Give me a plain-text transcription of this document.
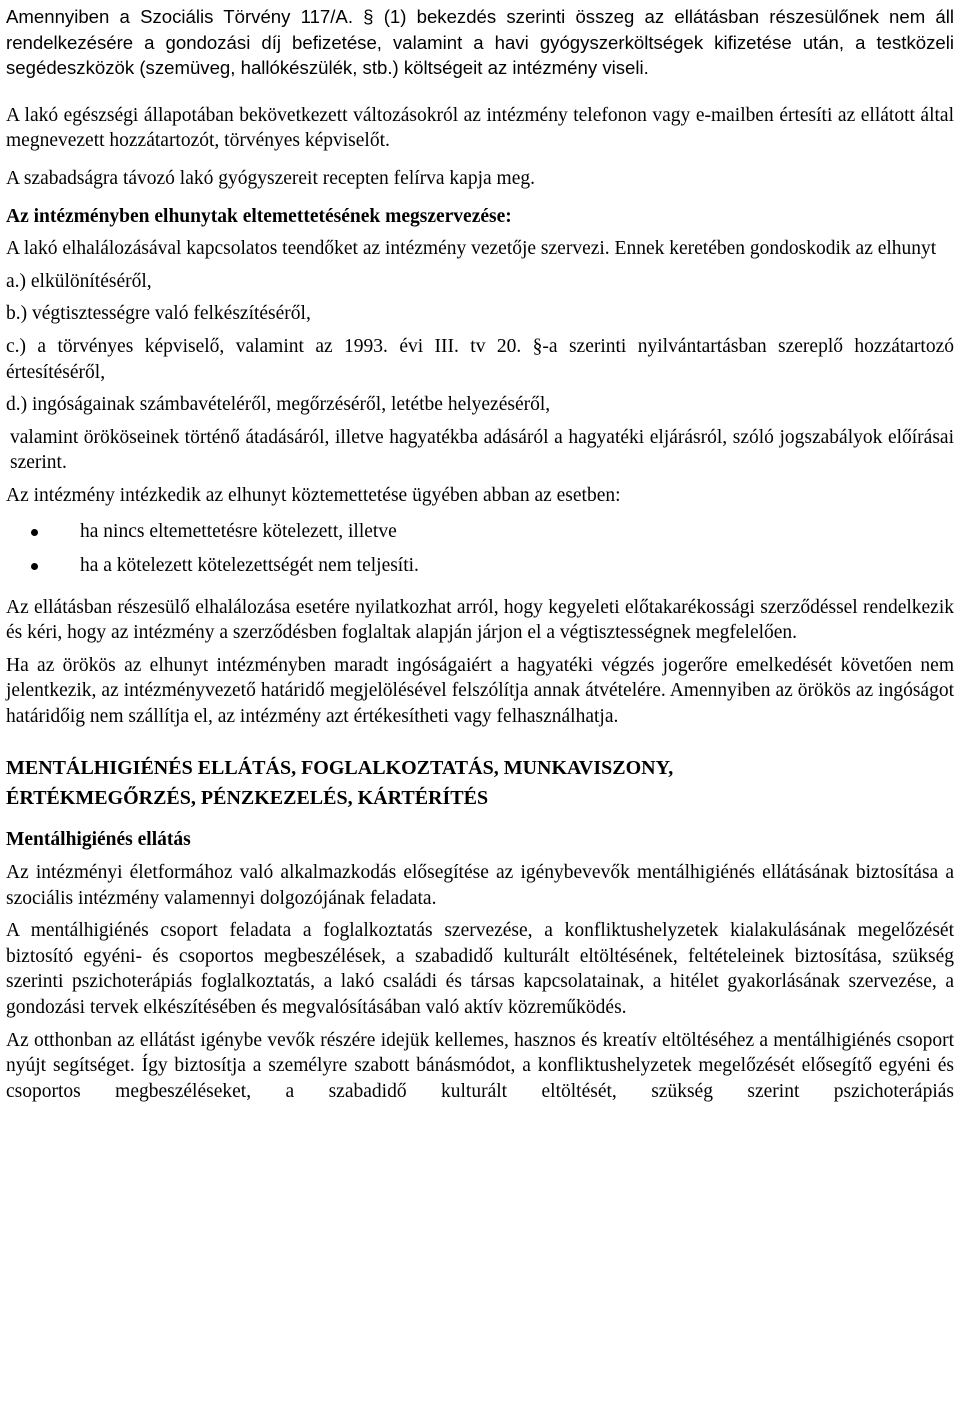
Amennyiben a Szociális Törvény 117/A. § (1) bekezdés szerinti összeg az ellátásban részesülőnek nem áll rendelkezésére a gondozási díj befizetése, valamint a havi gyógyszerköltségek kifizetése után, a testközeli segédeszközök (szemüveg, hallókészülék, stb.) költségeit az intézmény viseli.

A lakó egészségi állapotában bekövetkezett változásokról az intézmény telefonon vagy e-mailben értesíti az ellátott által megnevezett hozzátartozót, törvényes képviselőt.

A szabadságra távozó lakó gyógyszereit recepten felírva kapja meg.

Az intézményben elhunytak eltemettetésének megszervezése:

A lakó elhalálozásával kapcsolatos teendőket az intézmény vezetője szervezi. Ennek keretében gondoskodik az elhunyt

a.) elkülönítéséről,

b.) végtisztességre való felkészítéséről,

c.) a törvényes képviselő, valamint az 1993. évi III. tv 20. §-a szerinti nyilvántartásban szereplő hozzátartozó értesítéséről,

d.) ingóságainak számbavételéről, megőrzéséről, letétbe helyezéséről,

valamint örököseinek történő átadásáról, illetve hagyatékba adásáról a hagyatéki eljárásról, szóló jogszabályok előírásai szerint.

Az intézmény intézkedik az elhunyt köztemettetése ügyében abban az esetben:

ha nincs eltemettetésre kötelezett, illetve
ha a kötelezett kötelezettségét nem teljesíti.

Az ellátásban részesülő elhalálozása esetére nyilatkozhat arról, hogy kegyeleti előtakarékossági szerződéssel rendelkezik és kéri, hogy az intézmény a szerződésben foglaltak alapján járjon el a végtisztességnek megfelelően.

Ha az örökös az elhunyt intézményben maradt ingóságaiért a hagyatéki végzés jogerőre emelkedését követően nem jelentkezik, az intézményvezető határidő megjelölésével felszólítja annak átvételére. Amennyiben az örökös az ingóságot határidőig nem szállítja el, az intézmény azt értékesítheti vagy felhasználhatja.

MENTÁLHIGIÉNÉS ELLÁTÁS, FOGLALKOZTATÁS, MUNKAVISZONY,

ÉRTÉKMEGŐRZÉS, PÉNZKEZELÉS, KÁRTÉRÍTÉS

Mentálhigiénés ellátás

Az intézményi életformához való alkalmazkodás elősegítése az igénybevevők mentálhigiénés ellátásának biztosítása a szociális intézmény valamennyi dolgozójának feladata.

A mentálhigiénés csoport feladata a foglalkoztatás szervezése, a konfliktushelyzetek kialakulásának megelőzését biztosító egyéni- és csoportos megbeszélések, a szabadidő kulturált eltöltésének, feltételeinek biztosítása, szükség szerinti pszichoterápiás foglalkoztatás, a lakó családi és társas kapcsolatainak, a hitélet gyakorlásának szervezése, a gondozási tervek elkészítésében és megvalósításában való aktív közreműködés.

Az otthonban az ellátást igénybe vevők részére idejük kellemes, hasznos és kreatív eltöltéséhez a mentálhigiénés csoport nyújt segítséget. Így biztosítja a személyre szabott bánásmódot, a konfliktushelyzetek megelőzését elősegítő egyéni és csoportos megbeszéléseket, a szabadidő kulturált eltöltését, szükség szerint pszichoterápiás
